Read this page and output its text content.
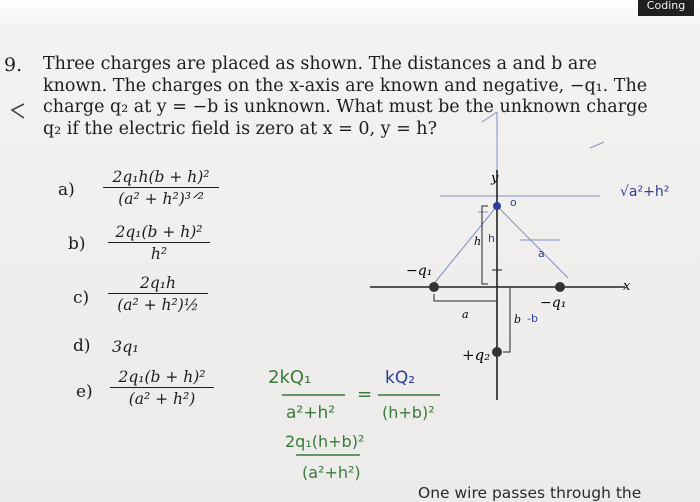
Coding
9. Three charges are placed as shown. The distances a and b are known. The charges on the x-axis are known and negative, −q₁. The charge q₂ at y = −b is unknown. What must be the unknown charge q₂ if the electric field is zero at x = 0, y = h?
a)
2q₁h(b + h)²
(a² + h²)³ᐟ²
b)
2q₁(b + h)²
h²
c)
2q₁h
(a² + h²)½
d) 3q₁
e)
2q₁(b + h)²
(a² + h²)
y
x
−q₁
−q₁
+q₂
a	b
h
√a²+h²
a
h
-b
o
2kQ₁
a²+h²
=
kQ₂
(h+b)²
2q₁(h+b)²
(a²+h²)
One wire passes through the
